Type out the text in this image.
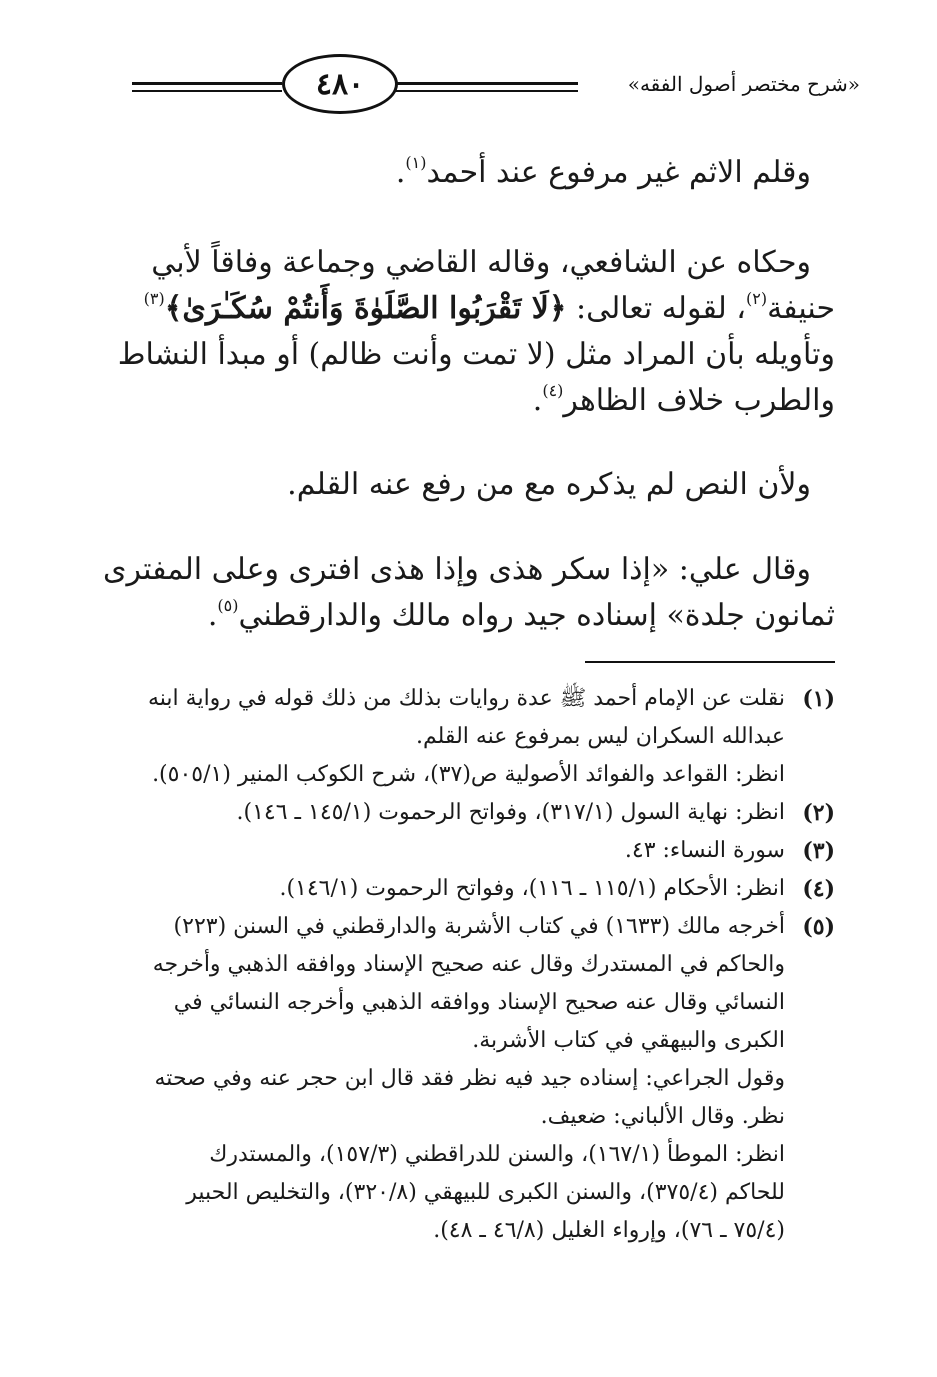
«شرح مختصر أصول الفقه»
٤٨٠
وقلم الاثم غير مرفوع عند أحمد$^{(١)}$.
وحكاه عن الشافعي، وقاله القاضي وجماعة وفاقاً لأبي
حنيفة$^{(٢)}$، لقوله تعالى: ﴿لَا تَقْرَبُوا الصَّلَوٰةَ وَأَنتُمْ سُكَـٰرَىٰ﴾$^{(٣)}$
وتأويله بأن المراد مثل (لا تمت وأنت ظالم) أو مبدأ النشاط
والطرب خلاف الظاهر$^{(٤)}$.
ولأن النص لم يذكره مع من رفع عنه القلم.
وقال علي: «إذا سكر هذى وإذا هذى افترى وعلى المفترى
ثمانون جلدة» إسناده جيد رواه مالك والدارقطني$^{(٥)}$.
(١)
نقلت عن الإمام أحمد ﷺ عدة روايات بذلك من ذلك قوله في رواية ابنه
عبدالله السكران ليس بمرفوع عنه القلم.
انظر: القواعد والفوائد الأصولية ص(٣٧)، شرح الكوكب المنير (٥٠٥/١).
(٢)
انظر: نهاية السول (٣١٧/١)، وفواتح الرحموت (١٤٥/١ ـ ١٤٦).
(٣)
سورة النساء: ٤٣.
(٤)
انظر: الأحكام (١١٥/١ ـ ١١٦)، وفواتح الرحموت (١٤٦/١).
(٥)
أخرجه مالك (١٦٣٣) في كتاب الأشربة والدارقطني في السنن (٢٢٣)
والحاكم في المستدرك وقال عنه صحيح الإسناد ووافقه الذهبي وأخرجه
النسائي وقال عنه صحيح الإسناد ووافقه الذهبي وأخرجه النسائي في
الكبرى والبيهقي في كتاب الأشربة.
وقول الجراعي: إسناده جيد فيه نظر فقد قال ابن حجر عنه وفي صحته
نظر. وقال الألباني: ضعيف.
انظر: الموطأ (١٦٧/١)، والسنن للدراقطني (١٥٧/٣)، والمستدرك
للحاكم (٣٧٥/٤)، والسنن الكبرى للبيهقي (٣٢٠/٨)، والتخليص الحبير
(٧٥/٤ ـ ٧٦)، وإرواء الغليل (٤٦/٨ ـ ٤٨).
